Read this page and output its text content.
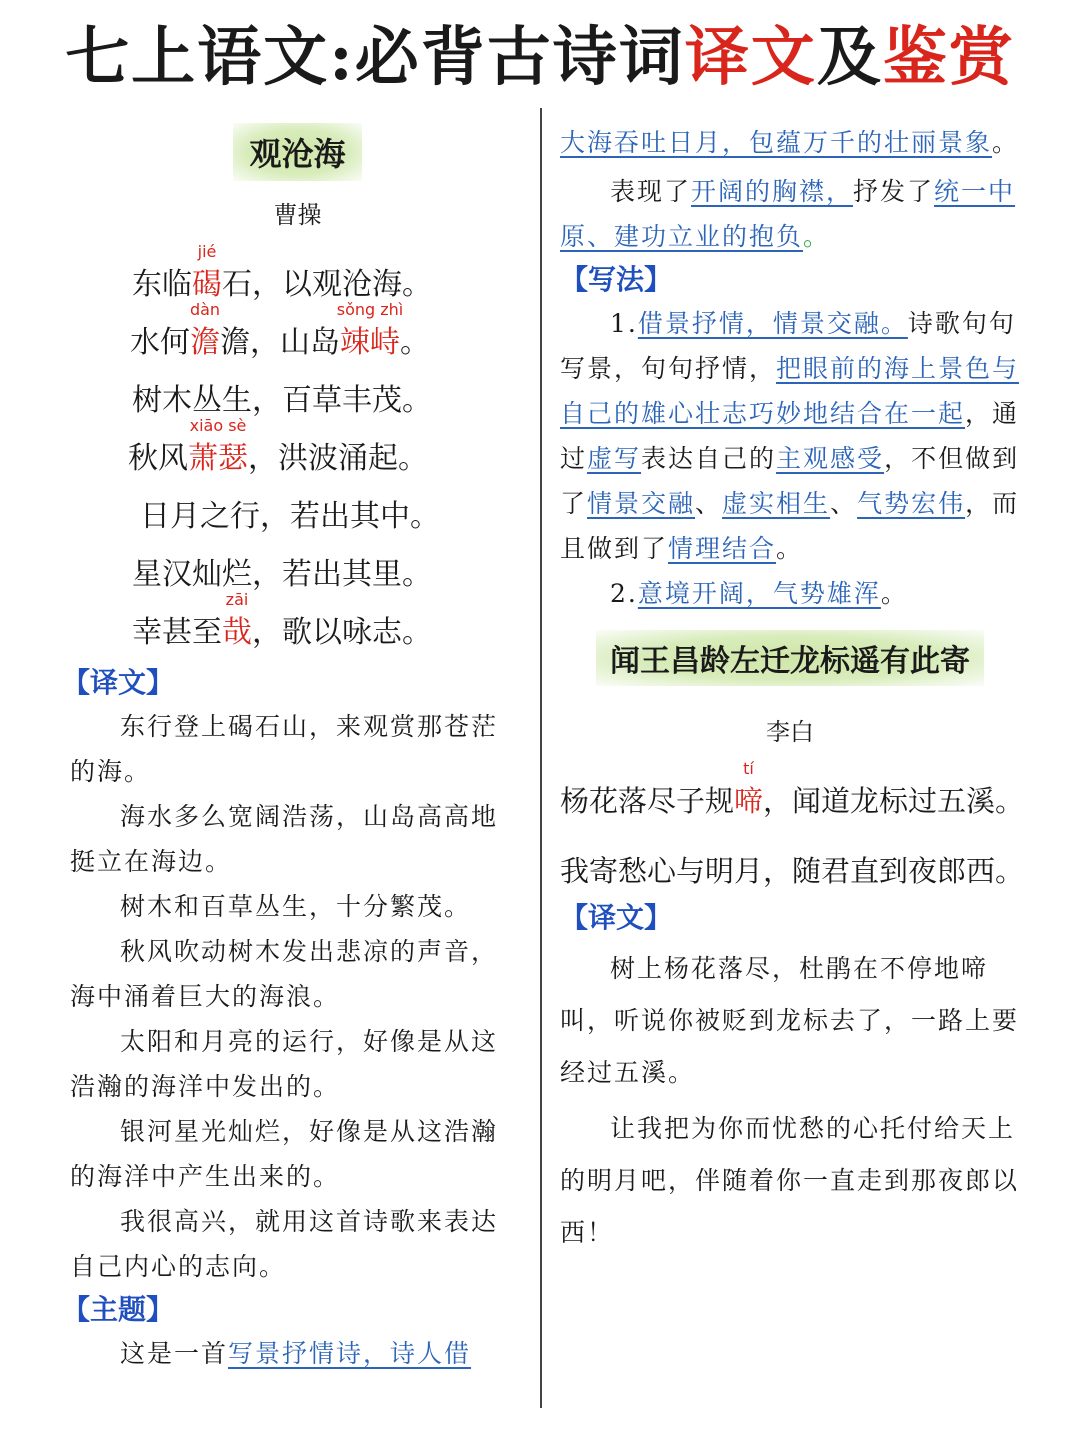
七上语文:必背古诗词译文及鉴赏
观沧海
曹操
东临
jié
碣石，以观沧海。
水何
dàn
澹澹，山岛
sǒng zhì
竦峙。
树木丛生，百草丰茂。
秋风
xiāo sè
萧瑟，洪波涌起。
日月之行，若出其中。
星汉灿烂，若出其里。
幸甚至
zāi
哉，歌以咏志。
【译文】

东行登上碣石山，来观赏那苍茫的海。

海水多么宽阔浩荡，山岛高高地挺立在海边。

树木和百草丛生，十分繁茂。

秋风吹动树木发出悲凉的声音，海中涌着巨大的海浪。

太阳和月亮的运行，好像是从这浩瀚的海洋中发出的。

银河星光灿烂，好像是从这浩瀚的海洋中产生出来的。

我很高兴，就用这首诗歌来表达自己内心的志向。

【主题】

这是一首写景抒情诗，诗人借

大海吞吐日月，包蕴万千的壮丽景象。

表现了开阔的胸襟，抒发了统一中原、建功立业的抱负。

【写法】

1.借景抒情，情景交融。诗歌句句写景，句句抒情，把眼前的海上景色与自己的雄心壮志巧妙地结合在一起，通过虚写表达自己的主观感受，不但做到了情景交融、虚实相生、气势宏伟，而且做到了情理结合。

2.意境开阔，气势雄浑。

闻王昌龄左迁龙标遥有此寄
李白
杨花落尽子规
tí
啼，闻道龙标过五溪。
我寄愁心与明月，随君直到夜郎西。
【译文】

树上杨花落尽，杜鹃在不停地啼叫，听说你被贬到龙标去了，一路上要经过五溪。

让我把为你而忧愁的心托付给天上的明月吧，伴随着你一直走到那夜郎以西！
